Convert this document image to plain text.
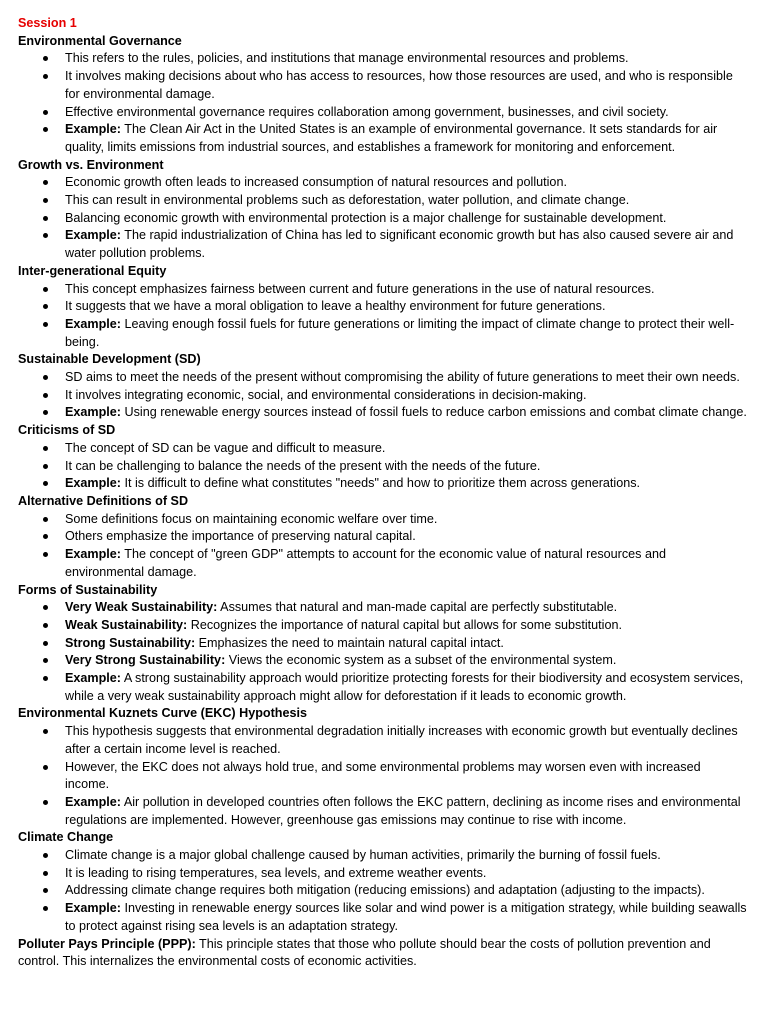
Session 1
Environmental Governance
This refers to the rules, policies, and institutions that manage environmental resources and problems.
It involves making decisions about who has access to resources, how those resources are used, and who is responsible for environmental damage.
Effective environmental governance requires collaboration among government, businesses, and civil society.
Example: The Clean Air Act in the United States is an example of environmental governance. It sets standards for air quality, limits emissions from industrial sources, and establishes a framework for monitoring and enforcement.
Growth vs. Environment
Economic growth often leads to increased consumption of natural resources and pollution.
This can result in environmental problems such as deforestation, water pollution, and climate change.
Balancing economic growth with environmental protection is a major challenge for sustainable development.
Example: The rapid industrialization of China has led to significant economic growth but has also caused severe air and water pollution problems.
Inter-generational Equity
This concept emphasizes fairness between current and future generations in the use of natural resources.
It suggests that we have a moral obligation to leave a healthy environment for future generations.
Example: Leaving enough fossil fuels for future generations or limiting the impact of climate change to protect their well-being.
Sustainable Development (SD)
SD aims to meet the needs of the present without compromising the ability of future generations to meet their own needs.
It involves integrating economic, social, and environmental considerations in decision-making.
Example: Using renewable energy sources instead of fossil fuels to reduce carbon emissions and combat climate change.
Criticisms of SD
The concept of SD can be vague and difficult to measure.
It can be challenging to balance the needs of the present with the needs of the future.
Example: It is difficult to define what constitutes "needs" and how to prioritize them across generations.
Alternative Definitions of SD
Some definitions focus on maintaining economic welfare over time.
Others emphasize the importance of preserving natural capital.
Example: The concept of "green GDP" attempts to account for the economic value of natural resources and environmental damage.
Forms of Sustainability
Very Weak Sustainability: Assumes that natural and man-made capital are perfectly substitutable.
Weak Sustainability: Recognizes the importance of natural capital but allows for some substitution.
Strong Sustainability: Emphasizes the need to maintain natural capital intact.
Very Strong Sustainability: Views the economic system as a subset of the environmental system.
Example: A strong sustainability approach would prioritize protecting forests for their biodiversity and ecosystem services, while a very weak sustainability approach might allow for deforestation if it leads to economic growth.
Environmental Kuznets Curve (EKC) Hypothesis
This hypothesis suggests that environmental degradation initially increases with economic growth but eventually declines after a certain income level is reached.
However, the EKC does not always hold true, and some environmental problems may worsen even with increased income.
Example: Air pollution in developed countries often follows the EKC pattern, declining as income rises and environmental regulations are implemented. However, greenhouse gas emissions may continue to rise with income.
Climate Change
Climate change is a major global challenge caused by human activities, primarily the burning of fossil fuels.
It is leading to rising temperatures, sea levels, and extreme weather events.
Addressing climate change requires both mitigation (reducing emissions) and adaptation (adjusting to the impacts).
Example: Investing in renewable energy sources like solar and wind power is a mitigation strategy, while building seawalls to protect against rising sea levels is an adaptation strategy.

Polluter Pays Principle (PPP): This principle states that those who pollute should bear the costs of pollution prevention and control. This internalizes the environmental costs of economic activities.
